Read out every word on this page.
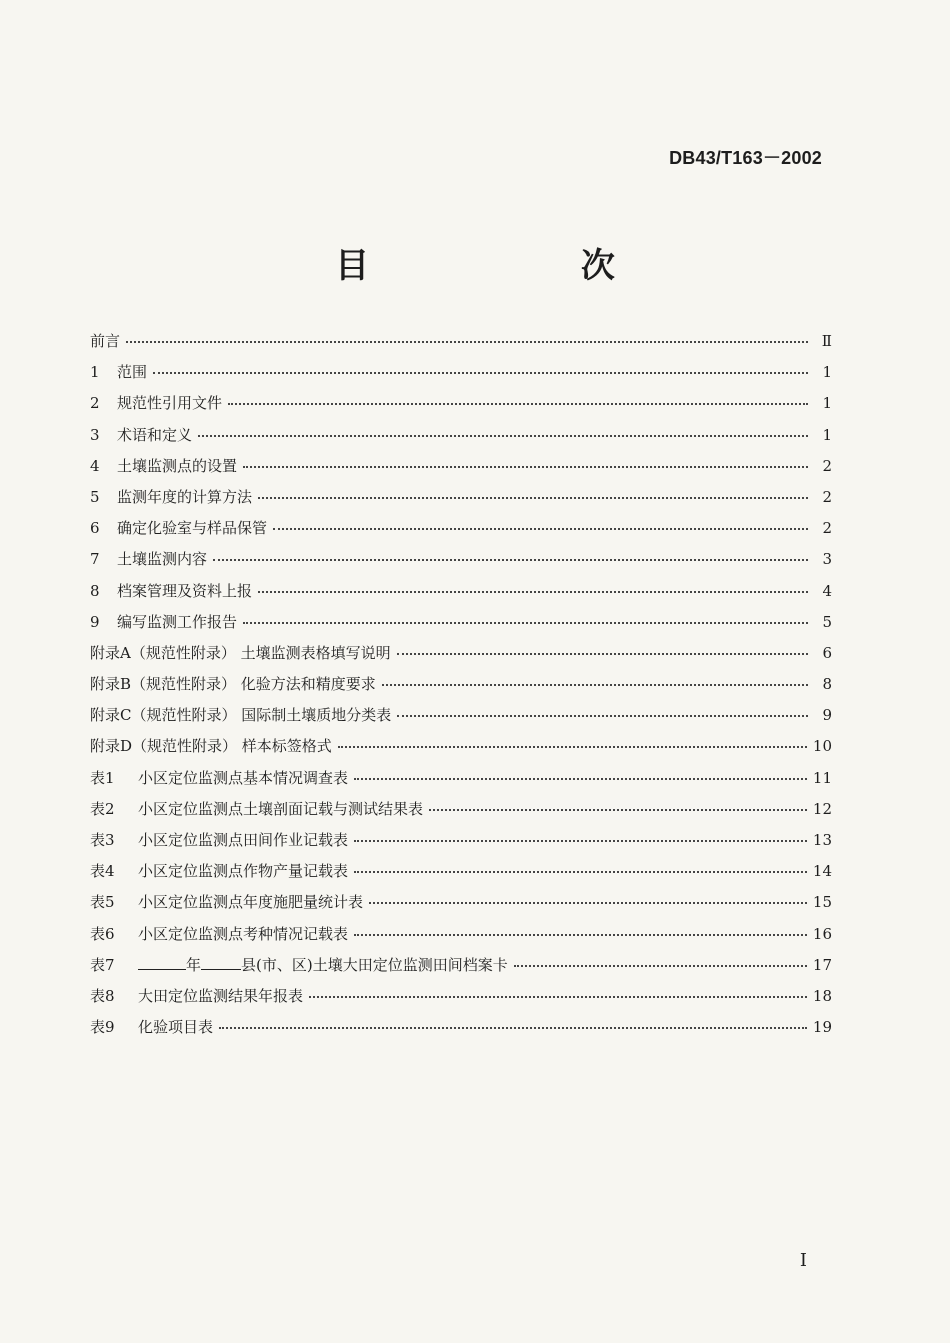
DB43/T163－2002
目 次
前言	Ⅱ
1 范围	1
2 规范性引用文件	1
3 术语和定义	1
4 土壤监测点的设置	2
5 监测年度的计算方法	2
6 确定化验室与样品保管	2
7 土壤监测内容	3
8 档案管理及资料上报	4
9 编写监测工作报告	5
附录A（规范性附录） 土壤监测表格填写说明	6
附录B（规范性附录） 化验方法和精度要求	8
附录C（规范性附录） 国际制土壤质地分类表	9
附录D（规范性附录） 样本标签格式	10
表1 小区定位监测点基本情况调查表	11
表2 小区定位监测点土壤剖面记载与测试结果表	12
表3 小区定位监测点田间作业记载表	13
表4 小区定位监测点作物产量记载表	14
表5 小区定位监测点年度施肥量统计表	15
表6 小区定位监测点考种情况记载表	16
表7	年	县(市、区)土壤大田定位监测田间档案卡	17
表8 大田定位监测结果年报表	18
表9 化验项目表	19
I
